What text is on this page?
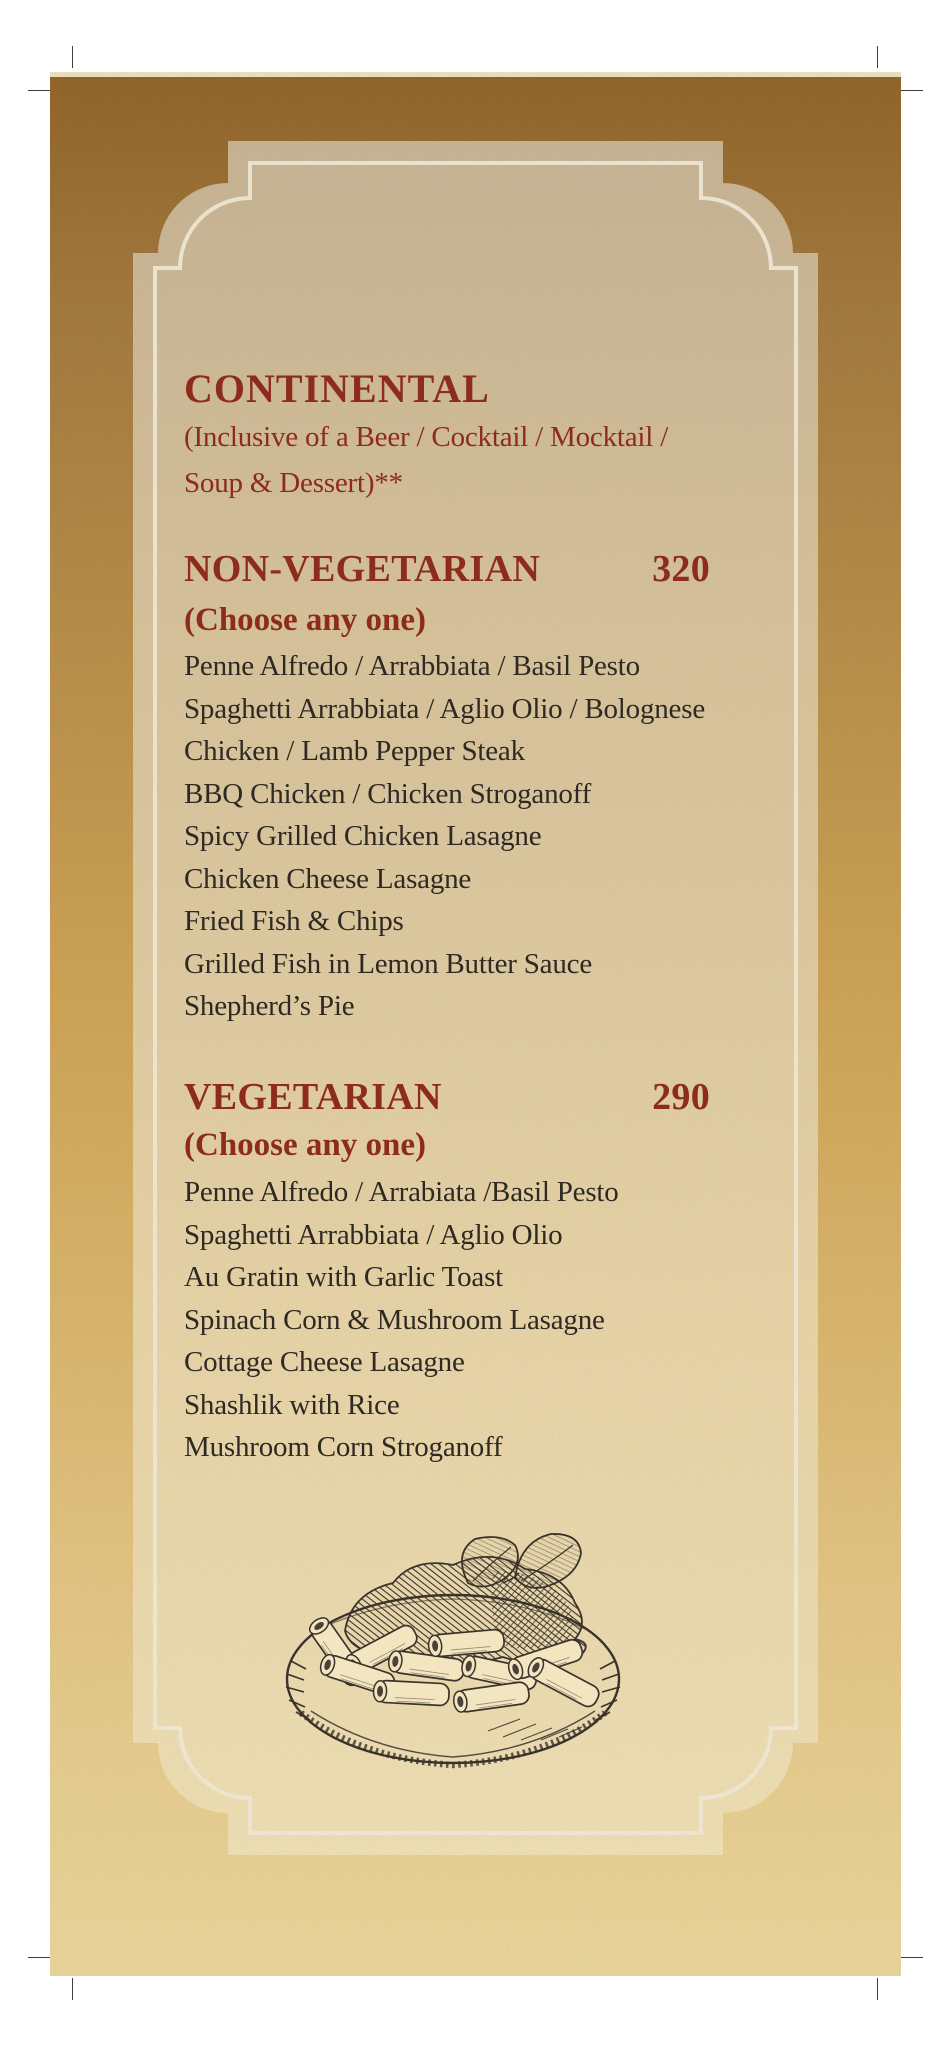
CONTINENTAL
(Inclusive of a Beer / Cocktail / Mocktail /
Soup & Dessert)**
NON-VEGETARIAN	320
(Choose any one)
Penne Alfredo / Arrabbiata / Basil Pesto
Spaghetti Arrabbiata / Aglio Olio / Bolognese
Chicken / Lamb Pepper Steak
BBQ Chicken / Chicken Stroganoff
Spicy Grilled Chicken Lasagne
Chicken Cheese Lasagne
Fried Fish & Chips
Grilled Fish in Lemon Butter Sauce
Shepherd’s Pie
VEGETARIAN	290
(Choose any one)
Penne Alfredo / Arrabiata /Basil Pesto
Spaghetti Arrabbiata / Aglio Olio
Au Gratin with Garlic Toast
Spinach Corn & Mushroom Lasagne
Cottage Cheese Lasagne
Shashlik with Rice
Mushroom Corn Stroganoff
